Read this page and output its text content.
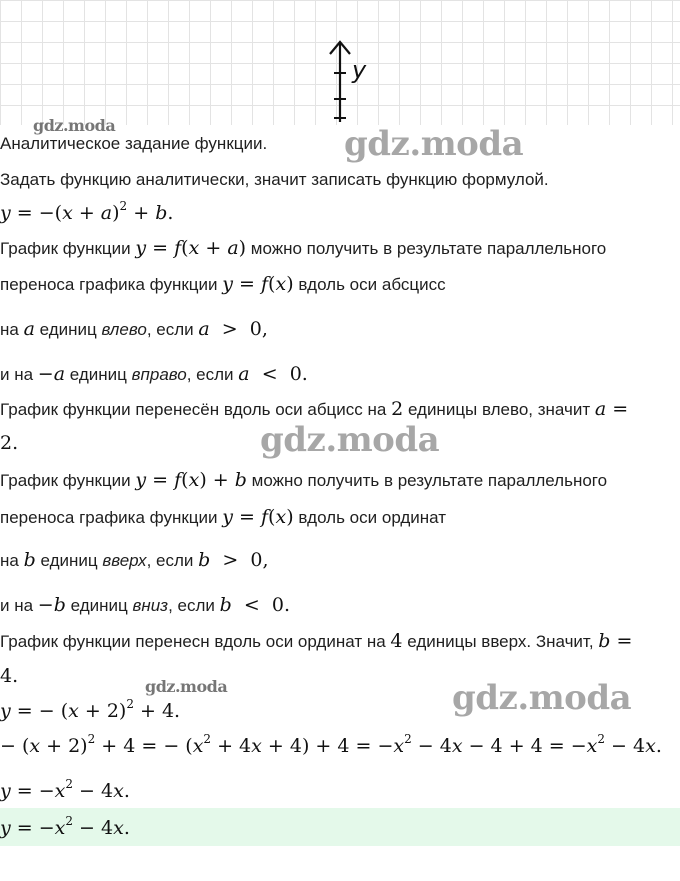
y
gdz.moda	gdz.moda
gdz.moda
gdz.moda	gdz.moda
Аналитическое задание функции.
Задать функцию аналитически, значит записать функцию формулой.
$y = -(x + a)^2 + b$.
График функции y = f(x + a) можно получить в результате параллельного
переноса графика функции y = f(x) вдоль оси абсцисс
на a единиц влево, если a  >  0,
и на −a единиц вправо, если a  <  0.
График функции перенесён вдоль оси абцисс на 2 единицы влево, значит a =
2.
График функции y = f(x) + b можно получить в результате параллельного
переноса графика функции y = f(x) вдоль оси ординат
на b единиц вверх, если b  >  0,
и на −b единиц вниз, если b  <  0.
График функции перенесн вдоль оси ординат на 4 единицы вверх. Значит, b =
4.
y = − $(x + 2)^2 + 4$.
− $(x + 2)^2 + 4$ = − $(x^2 + 4x + 4) + 4 = -x^2 - 4x - 4 + 4 = -x^2 - 4x$.
$y = -x^2 - 4x$.
$y = -x^2 - 4x$.
